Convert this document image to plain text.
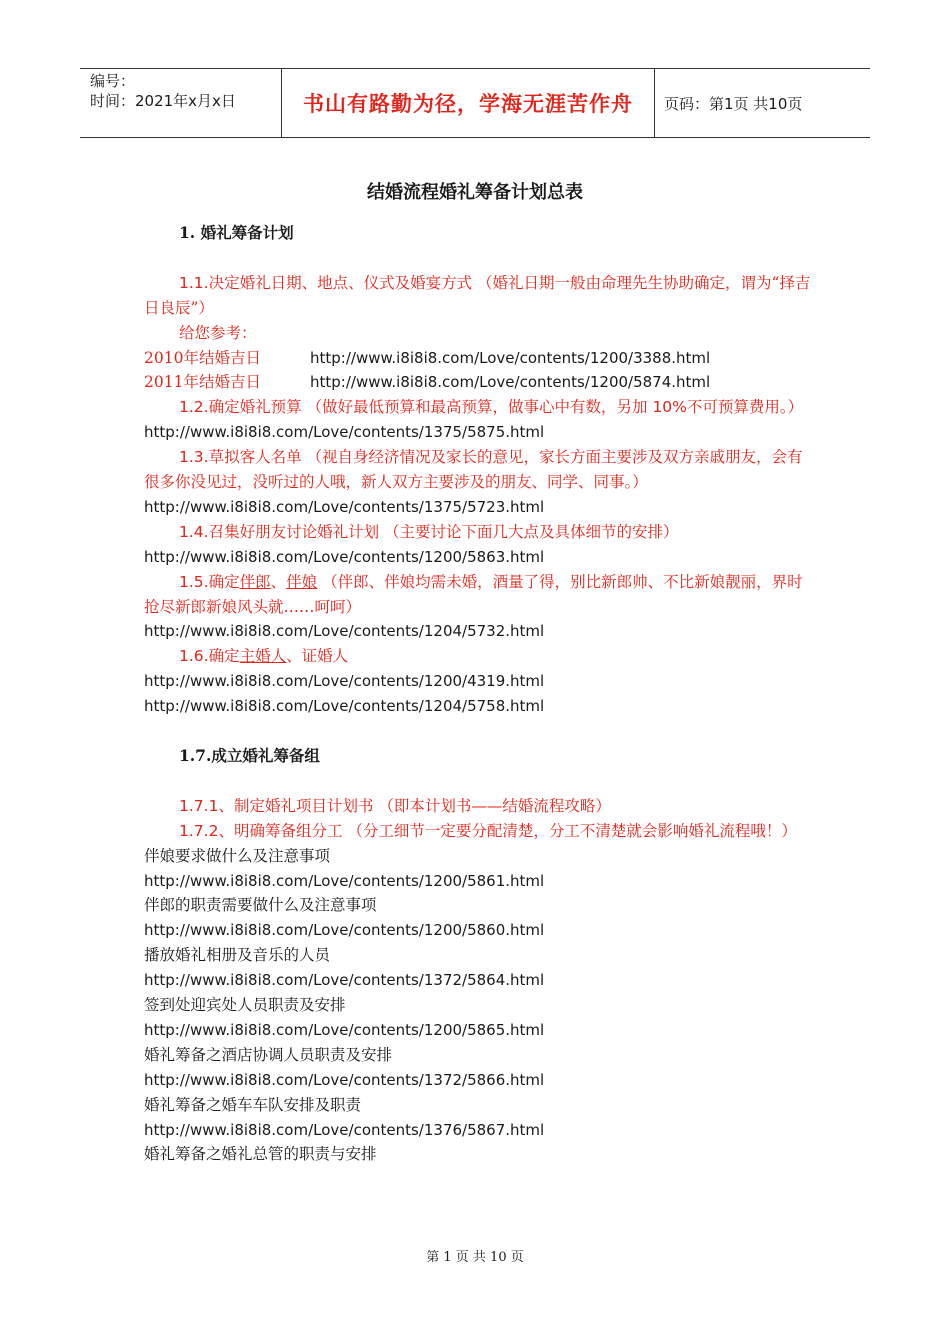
编号：
时间：2021年x月x日	书山有路勤为径，学海无涯苦作舟	页码：第1页 共10页
结婚流程婚礼筹备计划总表

1. 婚礼筹备计划

1.1.决定婚礼日期、地点、仪式及婚宴方式 （婚礼日期一般由命理先生协助确定，谓为“择吉日良辰”）

给您参考：

2010年结婚吉日	http://www.i8i8i8.com/Love/contents/1200/3388.html

2011年结婚吉日	http://www.i8i8i8.com/Love/contents/1200/5874.html

1.2.确定婚礼预算 （做好最低预算和最高预算，做事心中有数，另加 10%不可预算费用。）

http://www.i8i8i8.com/Love/contents/1375/5875.html

1.3.草拟客人名单 （视自身经济情况及家长的意见，家长方面主要涉及双方亲戚朋友，会有很多你没见过，没听过的人哦，新人双方主要涉及的朋友、同学、同事。）

http://www.i8i8i8.com/Love/contents/1375/5723.html

1.4.召集好朋友讨论婚礼计划 （主要讨论下面几大点及具体细节的安排）

http://www.i8i8i8.com/Love/contents/1200/5863.html

1.5.确定伴郎、伴娘 （伴郎、伴娘均需未婚，酒量了得，别比新郎帅、不比新娘靓丽，界时抢尽新郎新娘风头就……呵呵）

http://www.i8i8i8.com/Love/contents/1204/5732.html

1.6.确定主婚人、证婚人

http://www.i8i8i8.com/Love/contents/1200/4319.html

http://www.i8i8i8.com/Love/contents/1204/5758.html

1.7.成立婚礼筹备组

1.7.1、制定婚礼项目计划书 （即本计划书——结婚流程攻略）

1.7.2、明确筹备组分工 （分工细节一定要分配清楚，分工不清楚就会影响婚礼流程哦！）

伴娘要求做什么及注意事项

http://www.i8i8i8.com/Love/contents/1200/5861.html

伴郎的职责需要做什么及注意事项

http://www.i8i8i8.com/Love/contents/1200/5860.html

播放婚礼相册及音乐的人员

http://www.i8i8i8.com/Love/contents/1372/5864.html

签到处迎宾处人员职责及安排

http://www.i8i8i8.com/Love/contents/1200/5865.html

婚礼筹备之酒店协调人员职责及安排

http://www.i8i8i8.com/Love/contents/1372/5866.html

婚礼筹备之婚车车队安排及职责

http://www.i8i8i8.com/Love/contents/1376/5867.html

婚礼筹备之婚礼总管的职责与安排

第 1 页 共 10 页
